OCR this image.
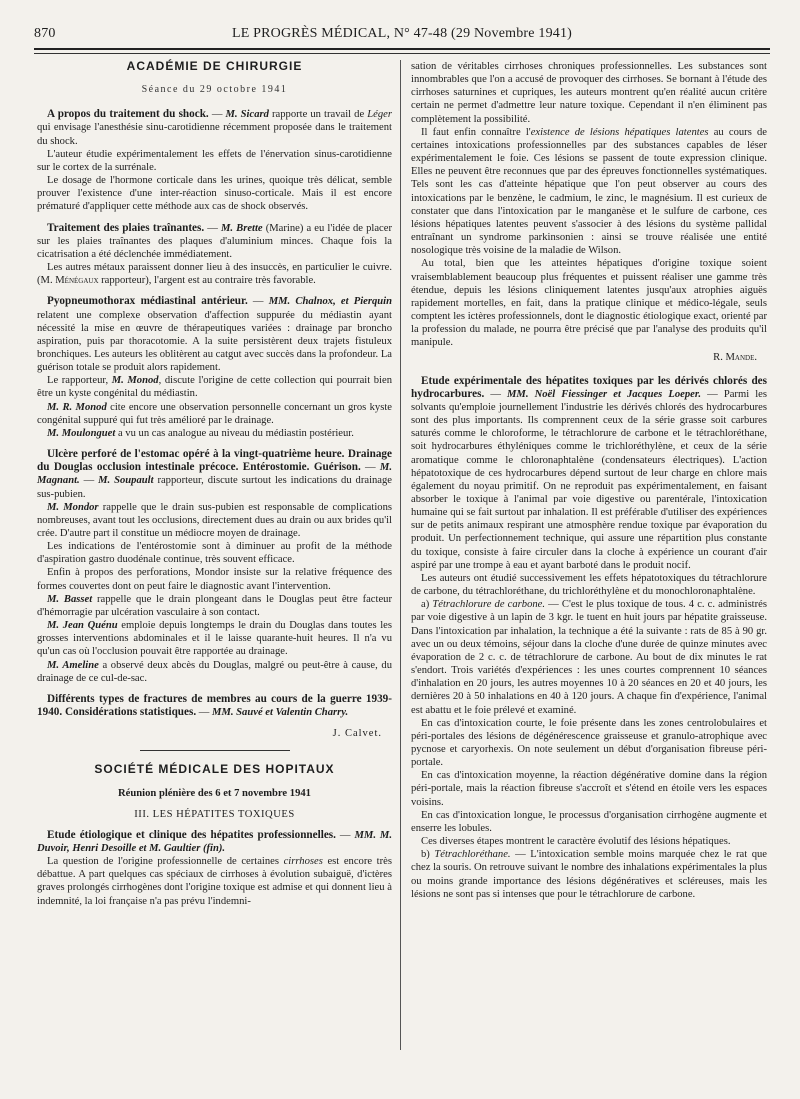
870	LE PROGRÈS MÉDICAL, N° 47-48 (29 Novembre 1941)
ACADÉMIE DE CHIRURGIE
Séance du 29 octobre 1941

A propos du traitement du shock. — M. Sicard rapporte un travail de Léger qui envisage l'anesthésie sinu-carotidienne récemment proposée dans le traitement du shock.

L'auteur étudie expérimentalement les effets de l'énervation sinus-carotidienne sur le cortex de la surrénale.

Le dosage de l'hormone corticale dans les urines, quoique très délicat, semble prouver l'existence d'une inter-réaction sinuso-corticale. Mais il est encore prématuré d'appliquer cette méthode aux cas de shock observés.

Traitement des plaies traînantes. — M. Brette (Marine) a eu l'idée de placer sur les plaies traînantes des plaques d'aluminium minces. Chaque fois la cicatrisation a été déclenchée immédiatement.

Les autres métaux paraissent donner lieu à des insuccès, en particulier le cuivre. (M. Ménégaux rapporteur), l'argent est au contraire très favorable.

Pyopneumothorax médiastinal antérieur. — MM. Chalnox, et Pierquin relatent une complexe observation d'affection suppurée du médiastin ayant nécessité la mise en œuvre de thérapeutiques variées : drainage par broncho aspiration, puis par thoracotomie. A la suite persistèrent deux trajets fistuleux bronchiques. Les auteurs les oblitèrent au catgut avec succès dans la profondeur. La guérison totale se produit alors rapidement.

Le rapporteur, M. Monod, discute l'origine de cette collection qui pourrait bien être un kyste congénital du médiastin.

M. R. Monod cite encore une observation personnelle concernant un gros kyste congénital suppuré qui fut très amélioré par le drainage.

M. Moulonguet a vu un cas analogue au niveau du médiastin postérieur.

Ulcère perforé de l'estomac opéré à la vingt-quatrième heure. Drainage du Douglas occlusion intestinale précoce. Entérostomie. Guérison. — M. Magnant. — M. Soupault rapporteur, discute surtout les indications du drainage sus-pubien.

M. Mondor rappelle que le drain sus-pubien est responsable de complications nombreuses, avant tout les occlusions, directement dues au drain ou aux brides qu'il crée. D'autre part il constitue un médiocre moyen de drainage.

Les indications de l'entérostomie sont à diminuer au profit de la méthode d'aspiration gastro duodénale continue, très souvent efficace.

Enfin à propos des perforations, Mondor insiste sur la relative fréquence des formes couvertes dont on peut faire le diagnostic avant l'intervention.

M. Basset rappelle que le drain plongeant dans le Douglas peut être facteur d'hémorragie par ulcération vasculaire à son contact.

M. Jean Quénu emploie depuis longtemps le drain du Douglas dans toutes les grosses interventions abdominales et il le laisse quarante-huit heures. Il n'a vu qu'un cas où l'occlusion pouvait être rapportée au drainage.

M. Ameline a observé deux abcès du Douglas, malgré ou peut-être à cause, du drainage de ce cul-de-sac.

Différents types de fractures de membres au cours de la guerre 1939-1940. Considérations statistiques. — MM. Sauvé et Valentin Charry.

J. Calvet.
SOCIÉTÉ MÉDICALE DES HOPITAUX

Réunion plénière des 6 et 7 novembre 1941

III. LES HÉPATITES TOXIQUES

Etude étiologique et clinique des hépatites professionnelles. — MM. M. Duvoir, Henri Desoille et M. Gaultier (fin).

La question de l'origine professionnelle de certaines cirrhoses est encore très débattue. A part quelques cas spéciaux de cirrhoses à évolution subaiguë, d'ictères graves prolongés cirrhogènes dont l'origine toxique est admise et qui donnent lieu à indemnité, la loi française n'a pas prévu l'indemni-

sation de véritables cirrhoses chroniques professionnelles. Les substances sont innombrables que l'on a accusé de provoquer des cirrhoses. Se bornant à l'étude des cirrhoses saturnines et cupriques, les auteurs montrent qu'en réalité aucun critère certain ne permet d'admettre leur nature toxique. Cependant il n'en éliminent pas complètement la possibilité.

Il faut enfin connaître l'existence de lésions hépatiques latentes au cours de certaines intoxications professionnelles par des substances capables de léser expérimentalement le foie. Ces lésions se passent de toute expression clinique. Elles ne peuvent être reconnues que par des épreuves fonctionnelles systématiques. Tels sont les cas d'atteinte hépatique que l'on peut observer au cours des intoxications par le benzène, le cadmium, le zinc, le magnésium. Il est curieux de constater que dans l'intoxication par le manganèse et le sulfure de carbone, ces lésions hépatiques latentes peuvent s'associer à des lésions du système pallidal entraînant un syndrome parkinsonien : ainsi se trouve réalisée une entité nosologique très voisine de la maladie de Wilson.

Au total, bien que les atteintes hépatiques d'origine toxique soient vraisemblablement beaucoup plus fréquentes et puissent réaliser une gamme très étendue, depuis les lésions cliniquement latentes jusqu'aux atrophies aiguës rapidement mortelles, en fait, dans la pratique clinique et médico-légale, seuls comptent les ictères professionnels, dont le diagnostic étiologique exact, orienté par la profession du malade, ne pourra être précisé que par l'analyse des produits qu'il manipule.

R. Mande.

Etude expérimentale des hépatites toxiques par les dérivés chlorés des hydrocarbures. — MM. Noël Fiessinger et Jacques Loeper. — Parmi les solvants qu'emploie journellement l'industrie les dérivés chlorés des hydrocarbures sont des plus importants. Ils comprennent ceux de la série grasse soit carbures saturés comme le chloroforme, le tétrachlorure de carbone et le tétrachloréthane, soit hydrocarbures éthyléniques comme le trichloréthylène, et ceux de la série aromatique comme le chloronaphtalène (condensateurs électriques). L'action hépatotoxique de ces hydrocarbures dépend surtout de leur charge en chlore mais également du noyau primitif. On ne reproduit pas expérimentalement, en faisant absorber le toxique à l'animal par voie digestive ou parentérale, l'intoxication humaine qui se fait surtout par inhalation. Il est préférable d'utiliser des expériences sur de petits animaux respirant une atmosphère rendue toxique par évaporation du produit. Un perfectionnement technique, qui assure une répartition plus constante du toxique, consiste à faire circuler dans la cloche à expérience un courant d'air aspiré par une trompe à eau et ayant barboté dans le produit nocif.

Les auteurs ont étudié successivement les effets hépatotoxiques du tétrachlorure de carbone, du tétrachloréthane, du trichloréthylène et du monochloronaphtalène.

a) Tétrachlorure de carbone. — C'est le plus toxique de tous. 4 c. c. administrés par voie digestive à un lapin de 3 kgr. le tuent en huit jours par hépatite graisseuse. Dans l'intoxication par inhalation, la technique a été la suivante : rats de 85 à 90 gr. avec un ou deux témoins, séjour dans la cloche d'une durée de quinze minutes avec évaporation de 2 c. c. de tétrachlorure de carbone. Au bout de dix minutes le rat s'endort. Trois variétés d'expériences : les unes courtes comprennent 10 séances d'inhalation en 20 jours, les autres moyennes 10 à 20 séances en 20 et 40 jours, les dernières 20 à 50 inhalations en 40 à 120 jours. A chaque fin d'expérience, l'animal est abattu et le foie prélevé et examiné.

En cas d'intoxication courte, le foie présente dans les zones centrolobulaires et péri-portales des lésions de dégénérescence graisseuse et granulo-atrophique avec pycnose et caryorhexis. On note seulement un début d'organisation fibreuse péri-portale.

En cas d'intoxication moyenne, la réaction dégénérative domine dans la région péri-portale, mais la réaction fibreuse s'accroît et s'étend en étoile vers les espaces voisins.

En cas d'intoxication longue, le processus d'organisation cirrhogène augmente et enserre les lobules.

Ces diverses étapes montrent le caractère évolutif des lésions hépatiques.

b) Tétrachloréthane. — L'intoxication semble moins marquée chez le rat que chez la souris. On retrouve suivant le nombre des inhalations expérimentales la plus ou moins grande importance des lésions dégénératives et scléreuses, mais les lésions ne sont pas si intenses que pour le tétrachlorure de carbone.
